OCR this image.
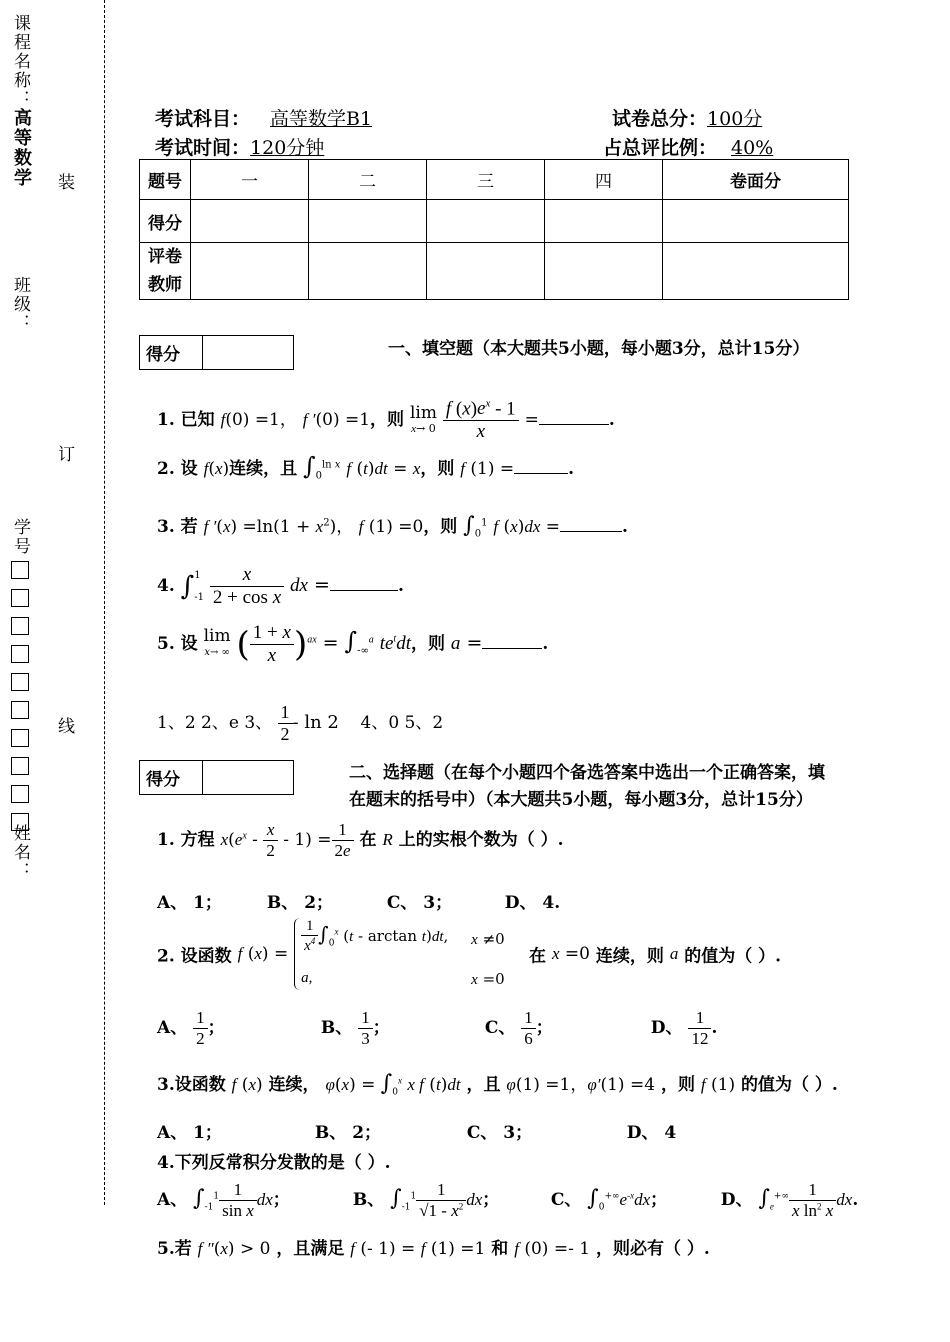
课程名称：
高等数学
班级：
学号
姓名：
装
订
线
考试科目： 高等数学B1	试卷总分：100分
考试时间：120分钟	占总评比例： 40%
题号	一	二	三	四	卷面分
得分					
评卷教师					
得分		一、填空题（本大题共5小题，每小题3分，总计15分）
1. 已知 f(0) =1， f ′(0) =1，则 lim
$x\to 0 \frac{f (x)e^x - 1}{x}$ =	.
2. 设 f(x)连续，且 $\int_0^{ln x}$ f (t)dt = x，则 f (1) =	.
3. 若 f $'(x) =\ln(1 + x^2)$， f (1) =0，则 $\int_0^1$ f (x)dx =	.
4. ∫1
$-1 \frac{x}{\text{2 + cos x}}$ dx =	.
5. 设 lim
x→ ∞ ( $\frac{1 + x}{x} )^{ax} = \int_{-\infty}^a$ $te^tdt$，则 a =	.
1、2 2、e 3、 $\frac{1}{2}$ - ln 2 4、0 5、2
得分		二、选择题（在每个小题四个备选答案中选出一个正确答案，填
在题末的括号中）（本大题共5小题，每小题3分，总计15分）
1. 方程 $x(e^x - \frac{x}{2} - 1) = \frac{1}{2e}$ 在 R 上的实根个数为（ ）.
A、 1；	B、 2；	C、 3；	D、 4.
2. 设函数 f $(x) = \frac{1}{x^4} \int_0^x$ (t - arctan t)dt, x ≠0
a,	x =0
在 x =0 连续，则 a 的值为（ ）.
A、 $\frac{1}{2}$ ；	B、 $\frac{1}{3}$ ；	C、 $\frac{1}{6}$ ；	D、 $\frac{1}{12}$ .
3.设函数 f (x) 连续， $\varphi(x) = \int_0^x$ x f (t)dt ，且 φ(1) =1，φ′(1) =4 ，则 f (1) 的值为（ ）.
A、 1；	B、 2；	C、 3；	D、 4
4.下列反常积分发散的是（ ）.
A、 $\int_{-1}^1 \frac{1}{\text{sin x}}$ dx；	B、 $\int_{-1}^1 \frac{1}{√1 - x^2}$ dx；	C、 $\int_0^{+\infty}e^{-x}dx$；	D、 $\int_e^{+\infty} \frac{1}{x \ln^2 x}$ dx.
5.若 f ″(x) > 0 ，且满足 f (- 1) = f (1) =1 和 f (0) =- 1 ，则必有（ ）.
